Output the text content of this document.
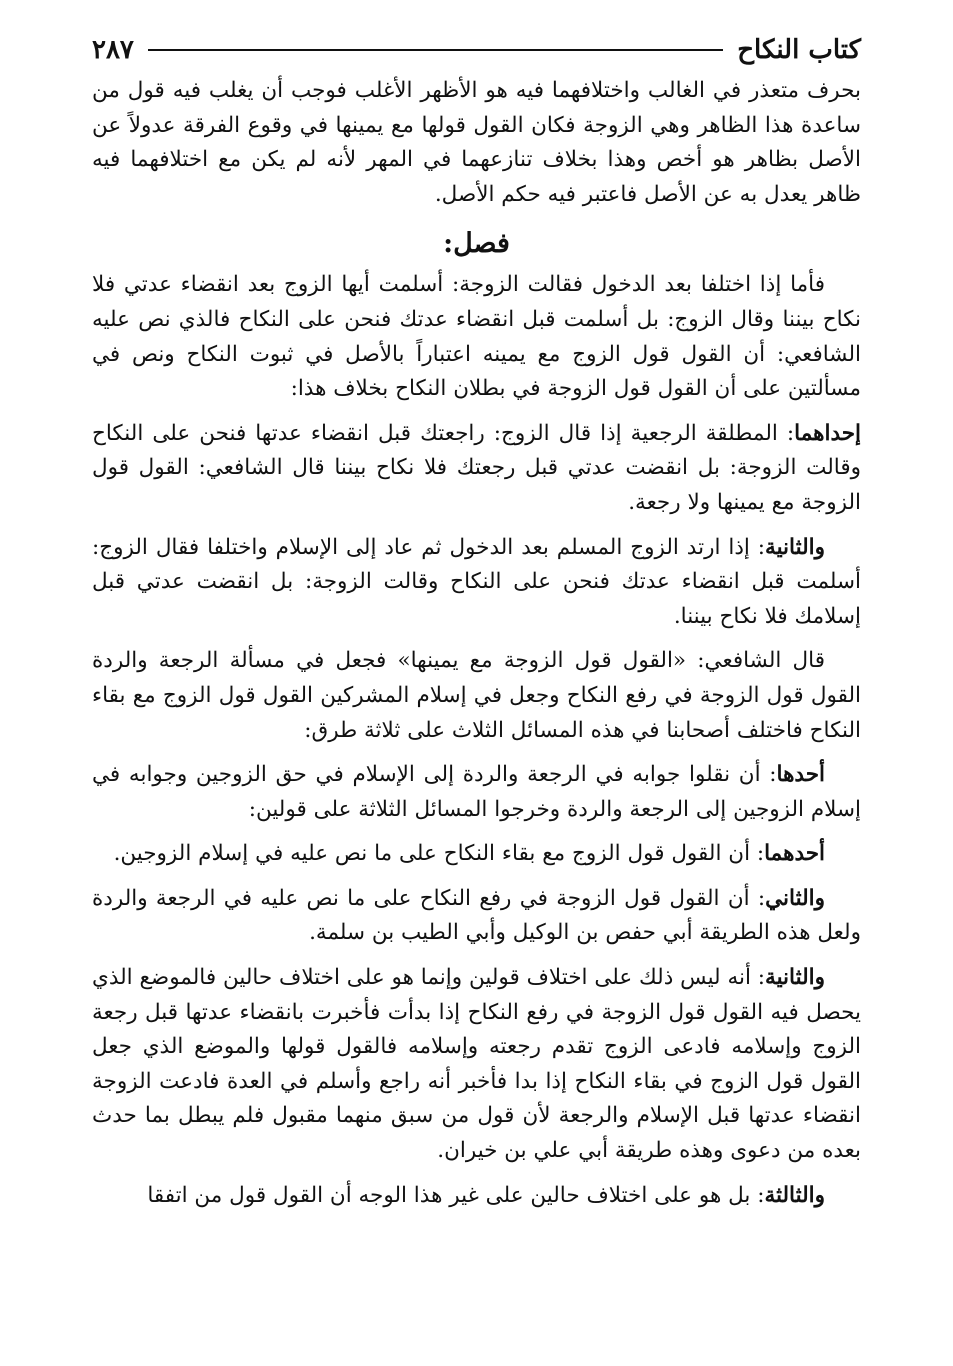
كتاب النكاح
٢٨٧

بحرف متعذر في الغالب واختلافهما فيه هو الأظهر الأغلب فوجب أن يغلب فيه قول من ساعدة هذا الظاهر وهي الزوجة فكان القول قولها مع يمينها في وقوع الفرقة عدولاً عن الأصل بظاهر هو أخص وهذا بخلاف تنازعهما في المهر لأنه لم يكن مع اختلافهما فيه ظاهر يعدل به عن الأصل فاعتبر فيه حكم الأصل.

فصل:

فأما إذا اختلفا بعد الدخول فقالت الزوجة: أسلمت أيها الزوج بعد انقضاء عدتي فلا نكاح بيننا وقال الزوج: بل أسلمت قبل انقضاء عدتك فنحن على النكاح فالذي نص عليه الشافعي: أن القول قول الزوج مع يمينه اعتباراً بالأصل في ثبوت النكاح ونص في مسألتين على أن القول قول الزوجة في بطلان النكاح بخلاف هذا:

إحداهما: المطلقة الرجعية إذا قال الزوج: راجعتك قبل انقضاء عدتها فنحن على النكاح وقالت الزوجة: بل انقضت عدتي قبل رجعتك فلا نكاح بيننا قال الشافعي: القول قول الزوجة مع يمينها ولا رجعة.

والثانية: إذا ارتد الزوج المسلم بعد الدخول ثم عاد إلى الإسلام واختلفا فقال الزوج: أسلمت قبل انقضاء عدتك فنحن على النكاح وقالت الزوجة: بل انقضت عدتي قبل إسلامك فلا نكاح بيننا.

قال الشافعي: «القول قول الزوجة مع يمينها» فجعل في مسألة الرجعة والردة القول قول الزوجة في رفع النكاح وجعل في إسلام المشركين القول قول الزوج مع بقاء النكاح فاختلف أصحابنا في هذه المسائل الثلاث على ثلاثة طرق:

أحدها: أن نقلوا جوابه في الرجعة والردة إلى الإسلام في حق الزوجين وجوابه في إسلام الزوجين إلى الرجعة والردة وخرجوا المسائل الثلاثة على قولين:

أحدهما: أن القول قول الزوج مع بقاء النكاح على ما نص عليه في إسلام الزوجين.

والثاني: أن القول قول الزوجة في رفع النكاح على ما نص عليه في الرجعة والردة ولعل هذه الطريقة أبي حفص بن الوكيل وأبي الطيب بن سلمة.

والثانية: أنه ليس ذلك على اختلاف قولين وإنما هو على اختلاف حالين فالموضع الذي يحصل فيه القول قول الزوجة في رفع النكاح إذا بدأت فأخبرت بانقضاء عدتها قبل رجعة الزوج وإسلامه فادعى الزوج تقدم رجعته وإسلامه فالقول قولها والموضع الذي جعل القول قول الزوج في بقاء النكاح إذا بدا فأخبر أنه راجع وأسلم في العدة فادعت الزوجة انقضاء عدتها قبل الإسلام والرجعة لأن قول من سبق منهما مقبول فلم يبطل بما حدث بعده من دعوى وهذه طريقة أبي علي بن خيران.

والثالثة: بل هو على اختلاف حالين على غير هذا الوجه أن القول قول من اتفقا
